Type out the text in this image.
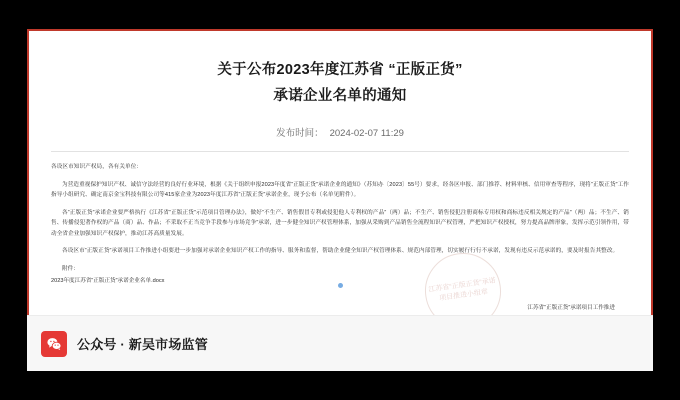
关于公布2023年度江苏省 “正版正货”
承诺企业名单的通知
发布时间： 2024-02-07 11:29

各设区市知识产权局，各有关单位：

为营造重视保护知识产权、诚信守法经营的良好行业环境，根据《关于组织申报2023年度省“正版正货”承诺企业的通知》（苏知办〔2023〕55号）要求，经各区申报、部门推荐、材料审核、信用审查等程序，现将“正版正货”工作指导小组研究、确定南京金宝科技有限公司等415家企业为2023年度江苏省“正版正货”承诺企业，现予公布（名单见附件）。

各“正版正货”承诺企业要严格执行《江苏省“正版正货”示范项目管理办法》，做好“不生产、销售假冒专利或侵犯他人专利权的产品”（两）品；不生产、销售侵犯注册商标专用权和商标违反相关规定的产品”（两）品；不生产、销售、传播侵犯著作权的产品（商）品、作品；不采取不正当竞争手段参与市场竞争”承诺，进一步健全知识产权管理体系，加强从采购到产品销售全流程知识产权管理，严把知识产权授权，努力提高品牌形象，发挥示范引领作用，带动全省企业加强知识产权保护，推动江苏高质量发展。

各设区市“正版正货”承诺项目工作推进小组要进一步加强对承诺企业知识产权工作的指导、服务和监督，帮助企业健全知识产权管理体系、规范内部管理，切实履行行行不承诺，发现有违反示范承诺的，要及时报告其整改。

附件：
2023年度江苏省“正版正货”承诺企业名单.docx	江苏省“正版正货”承诺项目推进小组章
江苏省“正版正货”承诺项目工作推进
公众号 · 新吴市场监管
